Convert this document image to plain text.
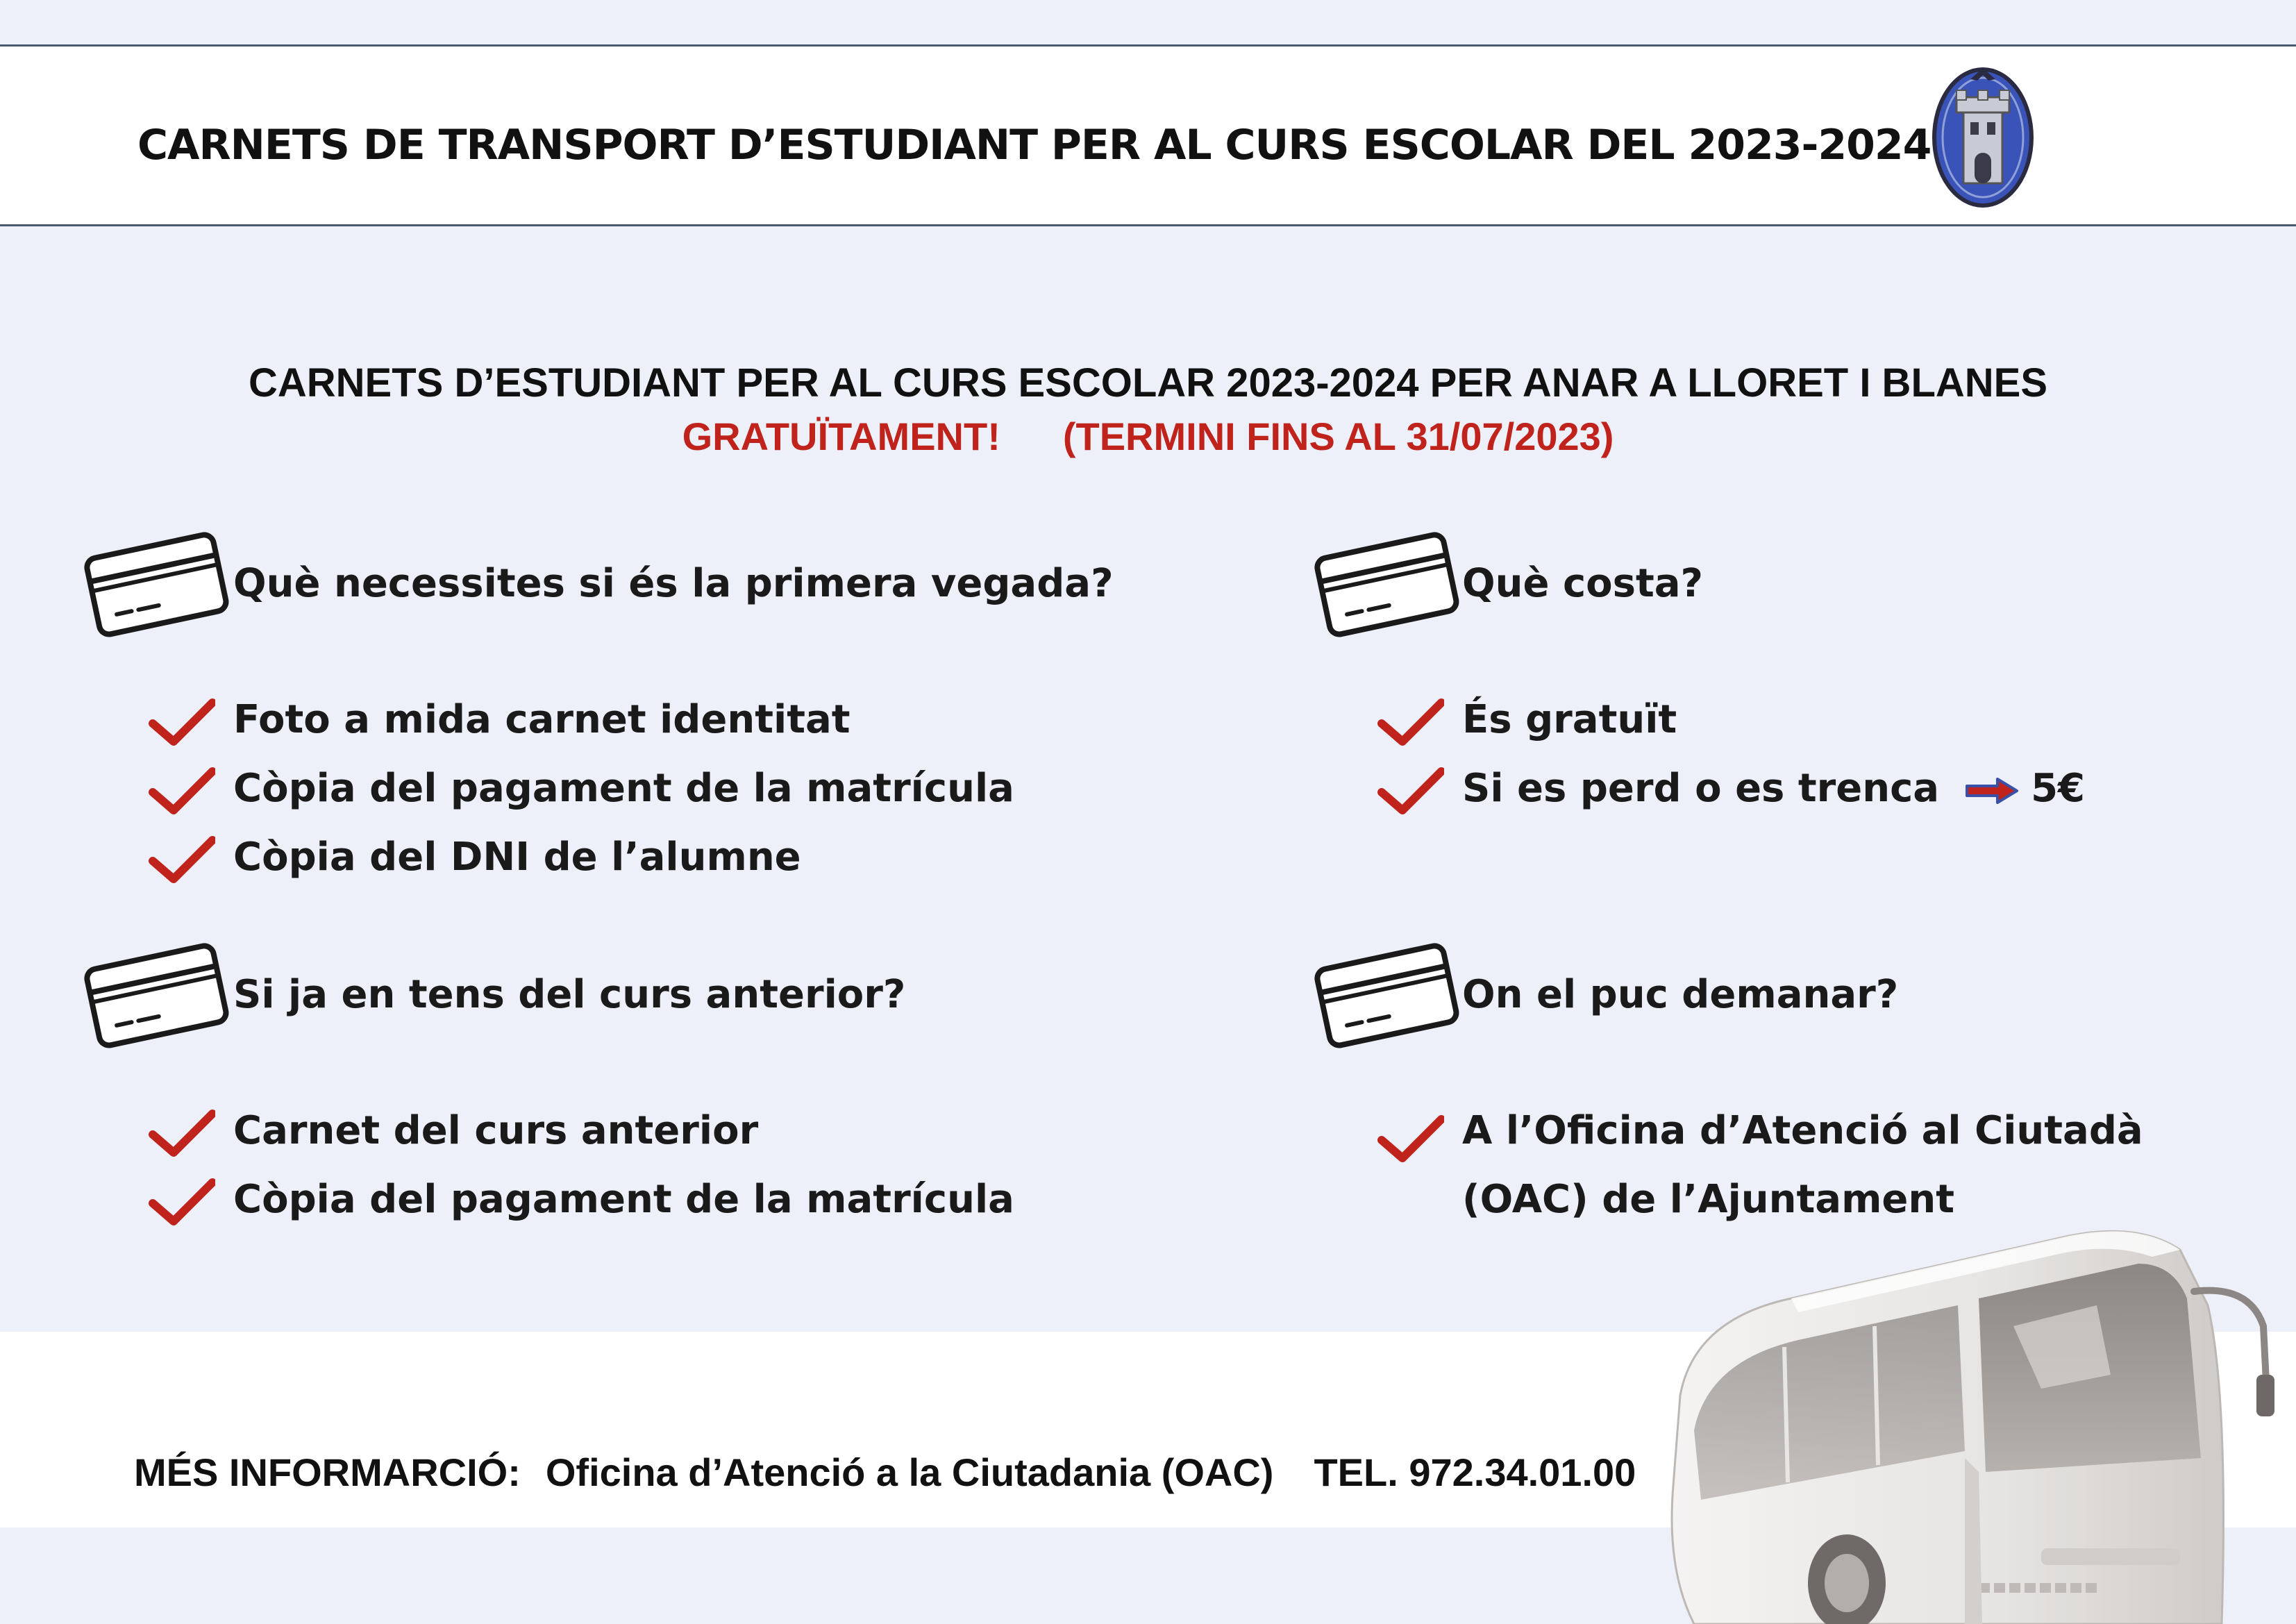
CARNETS DE TRANSPORT D’ESTUDIANT PER AL CURS ESCOLAR DEL 2023-2024
CARNETS D’ESTUDIANT PER AL CURS ESCOLAR 2023-2024 PER ANAR A LLORET I BLANES
GRATUÏTAMENT! (TERMINI FINS AL 31/07/2023)
Què necessites si és la primera vegada?
Foto a mida carnet identitat
Còpia del pagament de la matrícula
Còpia del DNI de l’alumne
Si ja en tens del curs anterior?
Carnet del curs anterior
Còpia del pagament de la matrícula
Què costa?
És gratuït
Si es perd o es trenca 5€
On el puc demanar?
A l’Oficina d’Atenció al Ciutadà
(OAC) de l’Ajuntament
MÉS INFORMARCIÓ: Oficina d’Atenció a la Ciutadania (OAC) TEL. 972.34.01.00
